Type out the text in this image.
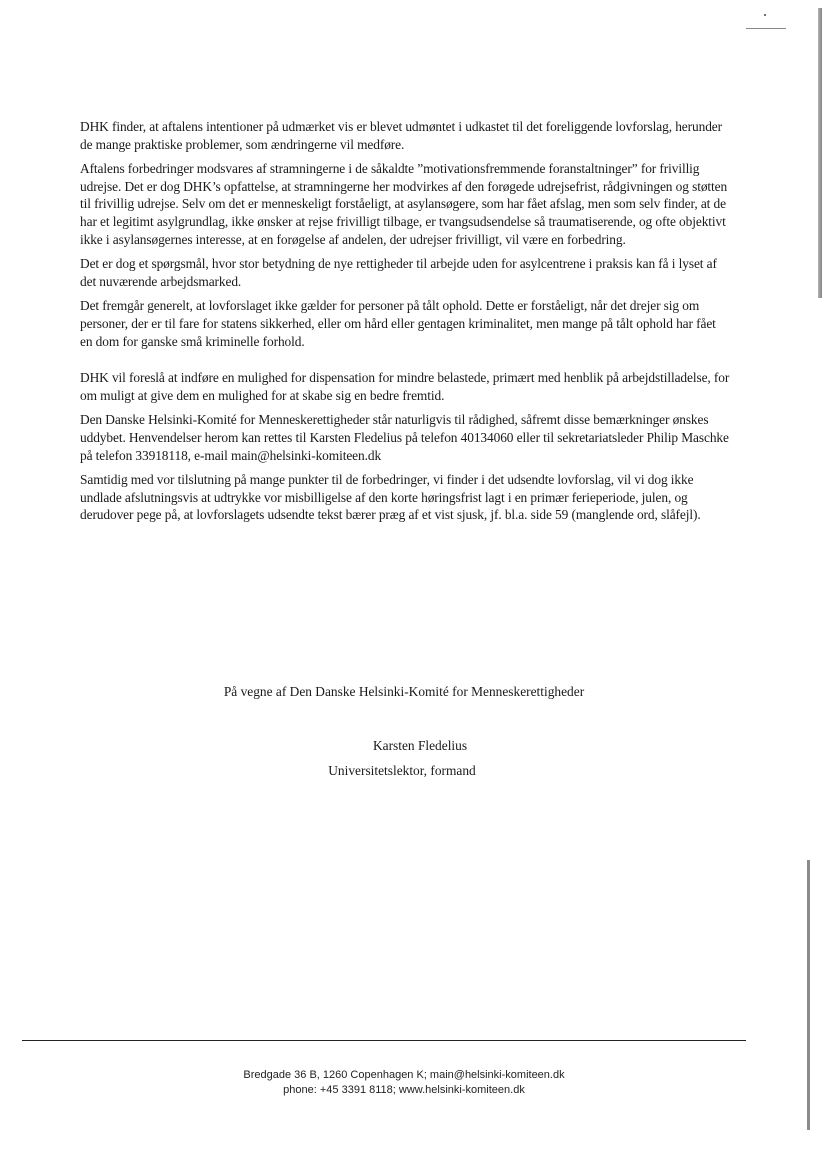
DHK finder, at aftalens intentioner på udmærket vis er blevet udmøntet i udkastet til det foreliggende lovforslag, herunder de mange praktiske problemer, som ændringerne vil medføre.

Aftalens forbedringer modsvares af stramningerne i de såkaldte ”motivationsfremmende foranstaltninger” for frivillig udrejse. Det er dog DHK’s opfattelse, at stramningerne her modvirkes af den forøgede udrejsefrist, rådgivningen og støtten til frivillig udrejse. Selv om det er menneskeligt forståeligt, at asylansøgere, som har fået afslag, men som selv finder, at de har et legitimt asylgrundlag, ikke ønsker at rejse frivilligt tilbage, er tvangsudsendelse så traumatiserende, og ofte objektivt ikke i asylansøgernes interesse, at en forøgelse af andelen, der udrejser frivilligt, vil være en forbedring.

Det er dog et spørgsmål, hvor stor betydning de nye rettigheder til arbejde uden for asylcentrene i praksis kan få i lyset af det nuværende arbejdsmarked.

Det fremgår generelt, at lovforslaget ikke gælder for personer på tålt ophold. Dette er forståeligt, når det drejer sig om personer, der er til fare for statens sikkerhed, eller om hård eller gentagen kriminalitet, men mange på tålt ophold har fået en dom for ganske små kriminelle forhold.

DHK vil foreslå at indføre en mulighed for dispensation for mindre belastede, primært med henblik på arbejdstilladelse, for om muligt at give dem en mulighed for at skabe sig en bedre fremtid.

Den Danske Helsinki-Komité for Menneskerettigheder står naturligvis til rådighed, såfremt disse bemærkninger ønskes uddybet. Henvendelser herom kan rettes til Karsten Fledelius på telefon 40134060 eller til sekretariatsleder Philip Maschke på telefon 33918118, e-mail main@helsinki-komiteen.dk

Samtidig med vor tilslutning på mange punkter til de forbedringer, vi finder i det udsendte lovforslag, vil vi dog ikke undlade afslutningsvis at udtrykke vor misbilligelse af den korte høringsfrist lagt i en primær ferieperiode, julen, og derudover pege på, at lovforslagets udsendte tekst bærer præg af et vist sjusk, jf. bl.a. side 59 (manglende ord, slåfejl).

På vegne af Den Danske Helsinki-Komité for Menneskerettigheder
Karsten Fledelius
Universitetslektor, formand
Bredgade 36 B, 1260 Copenhagen K; main@helsinki-komiteen.dk
phone: +45 3391 8118; www.helsinki-komiteen.dk
